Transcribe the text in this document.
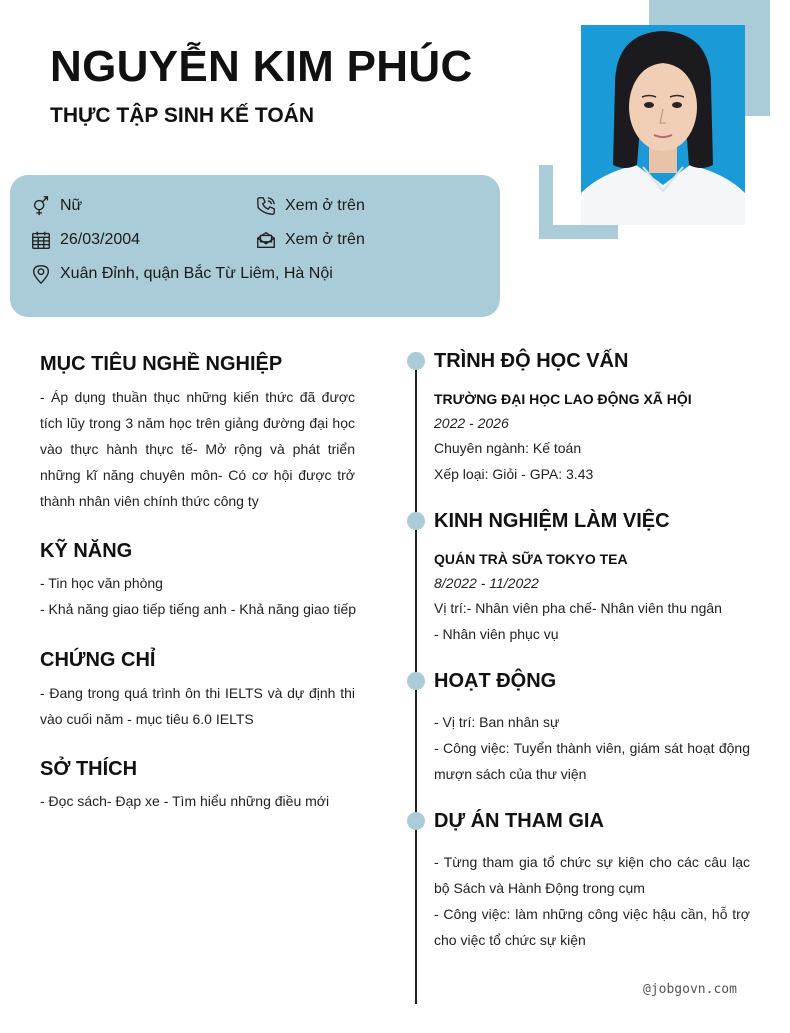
NGUYỄN KIM PHÚC
THỰC TẬP SINH KẾ TOÁN
Nữ	Xem ở trên
26/03/2004	Xem ở trên
Xuân Đỉnh, quận Bắc Từ Liêm, Hà Nội
MỤC TIÊU NGHỀ NGHIỆP
- Áp dụng thuần thục những kiến thức đã được tích lũy trong 3 năm học trên giảng đường đại học vào thực hành thực tế- Mở rộng và phát triển những kĩ năng chuyên môn- Có cơ hội được trở thành nhân viên chính thức công ty
KỸ NĂNG
- Tin học văn phòng
- Khả năng giao tiếp tiếng anh - Khả năng giao tiếp
CHỨNG CHỈ
- Đang trong quá trình ôn thi IELTS và dự định thi vào cuối năm - mục tiêu 6.0 IELTS
SỞ THÍCH
- Đọc sách- Đạp xe - Tìm hiểu những điều mới
TRÌNH ĐỘ HỌC VẤN
TRƯỜNG ĐẠI HỌC LAO ĐỘNG XÃ HỘI
2022 - 2026
Chuyên ngành: Kế toán
Xếp loại: Giỏi - GPA: 3.43
KINH NGHIỆM LÀM VIỆC
QUÁN TRÀ SỮA TOKYO TEA
8/2022 - 11/2022
Vị trí:- Nhân viên pha chế- Nhân viên thu ngân
- Nhân viên phục vụ
HOẠT ĐỘNG
- Vị trí: Ban nhân sự
- Công việc: Tuyển thành viên, giám sát hoạt động mượn sách của thư viện
DỰ ÁN THAM GIA
- Từng tham gia tổ chức sự kiện cho các câu lạc bộ Sách và Hành Động trong cụm
- Công việc: làm những công việc hậu cần, hỗ trợ cho việc tổ chức sự kiện
@jobgovn.com
